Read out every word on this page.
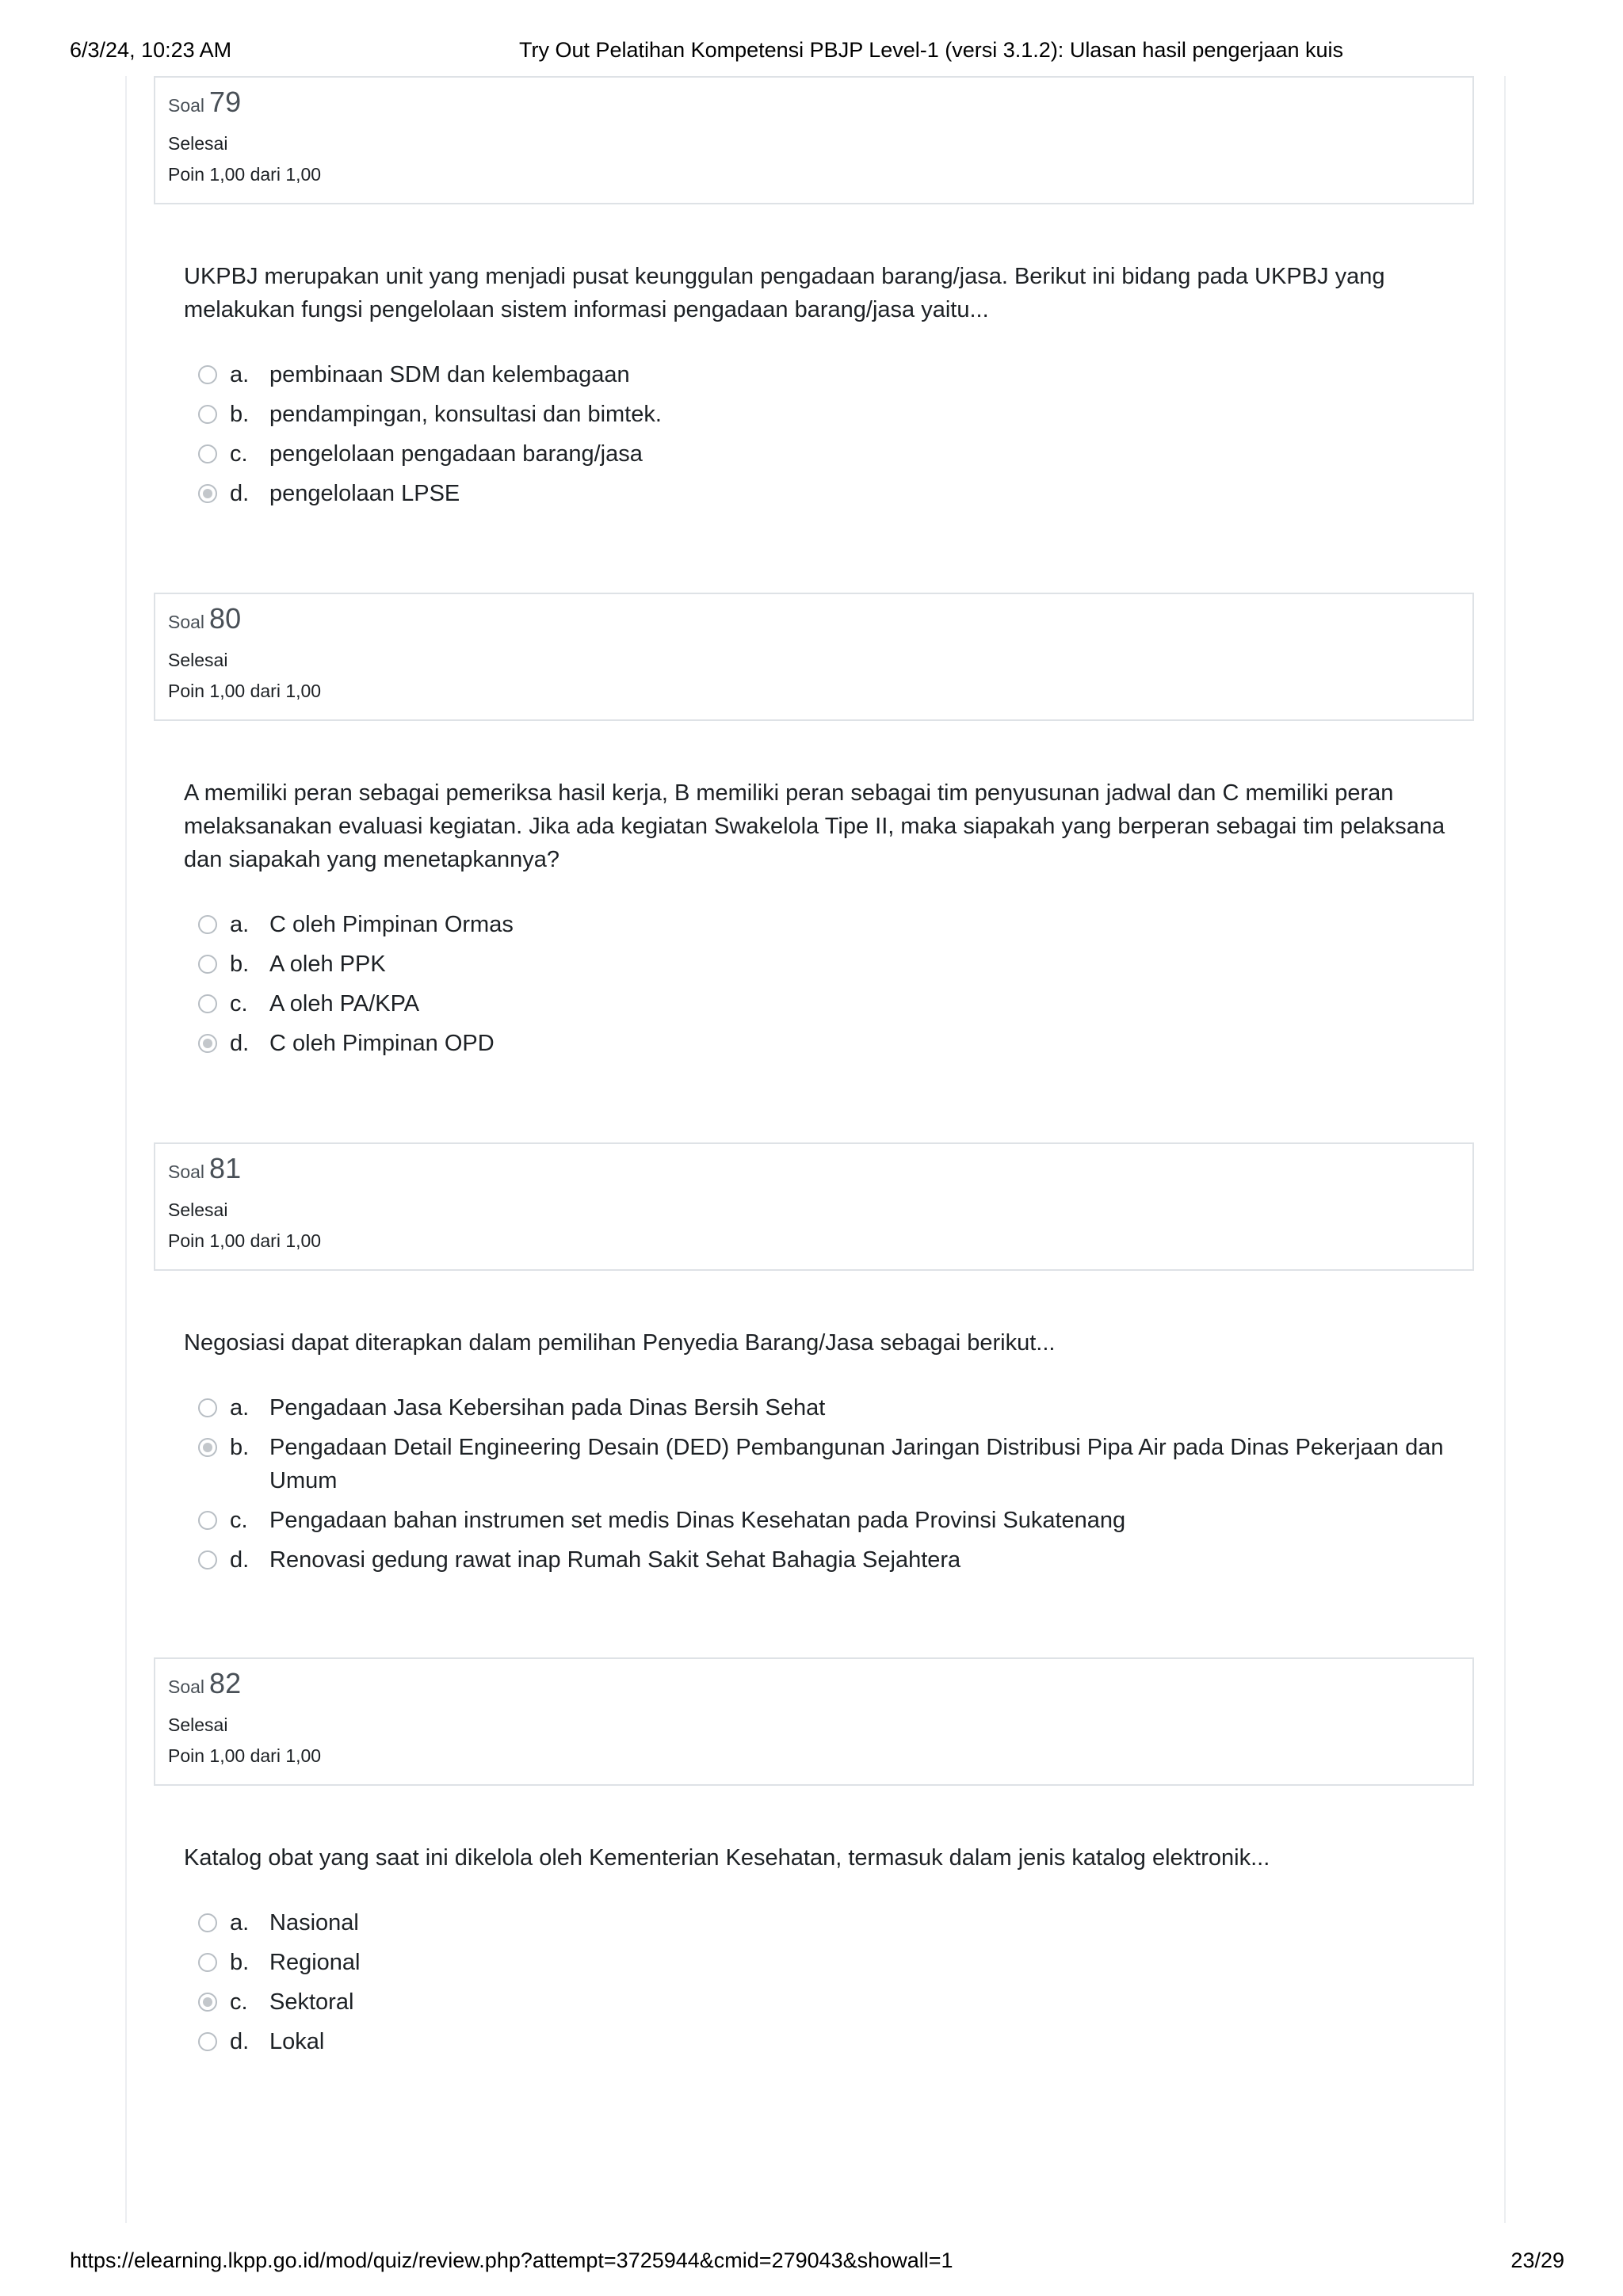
6/3/24, 10:23 AM	Try Out Pelatihan Kompetensi PBJP Level-1 (versi 3.1.2): Ulasan hasil pengerjaan kuis
Soal 79
Selesai
Poin 1,00 dari 1,00
UKPBJ merupakan unit yang menjadi pusat keunggulan pengadaan barang/jasa. Berikut ini bidang pada UKPBJ yang melakukan fungsi pengelolaan sistem informasi pengadaan barang/jasa yaitu...
a. pembinaan SDM dan kelembagaan
b. pendampingan, konsultasi dan bimtek.
c. pengelolaan pengadaan barang/jasa
d. pengelolaan LPSE
Soal 80
Selesai
Poin 1,00 dari 1,00
A memiliki peran sebagai pemeriksa hasil kerja, B memiliki peran sebagai tim penyusunan jadwal dan C memiliki peran melaksanakan evaluasi kegiatan. Jika ada kegiatan Swakelola Tipe II, maka siapakah yang berperan sebagai tim pelaksana dan siapakah yang menetapkannya?
a. C oleh Pimpinan Ormas
b. A oleh PPK
c. A oleh PA/KPA
d. C oleh Pimpinan OPD
Soal 81
Selesai
Poin 1,00 dari 1,00
Negosiasi dapat diterapkan dalam pemilihan Penyedia Barang/Jasa sebagai berikut...
a. Pengadaan Jasa Kebersihan pada Dinas Bersih Sehat
b. Pengadaan Detail Engineering Desain (DED) Pembangunan Jaringan Distribusi Pipa Air pada Dinas Pekerjaan dan Umum
c. Pengadaan bahan instrumen set medis Dinas Kesehatan pada Provinsi Sukatenang
d. Renovasi gedung rawat inap Rumah Sakit Sehat Bahagia Sejahtera
Soal 82
Selesai
Poin 1,00 dari 1,00
Katalog obat yang saat ini dikelola oleh Kementerian Kesehatan, termasuk dalam jenis katalog elektronik...
a. Nasional
b. Regional
c. Sektoral
d. Lokal
https://elearning.lkpp.go.id/mod/quiz/review.php?attempt=3725944&cmid=279043&showall=1	23/29
